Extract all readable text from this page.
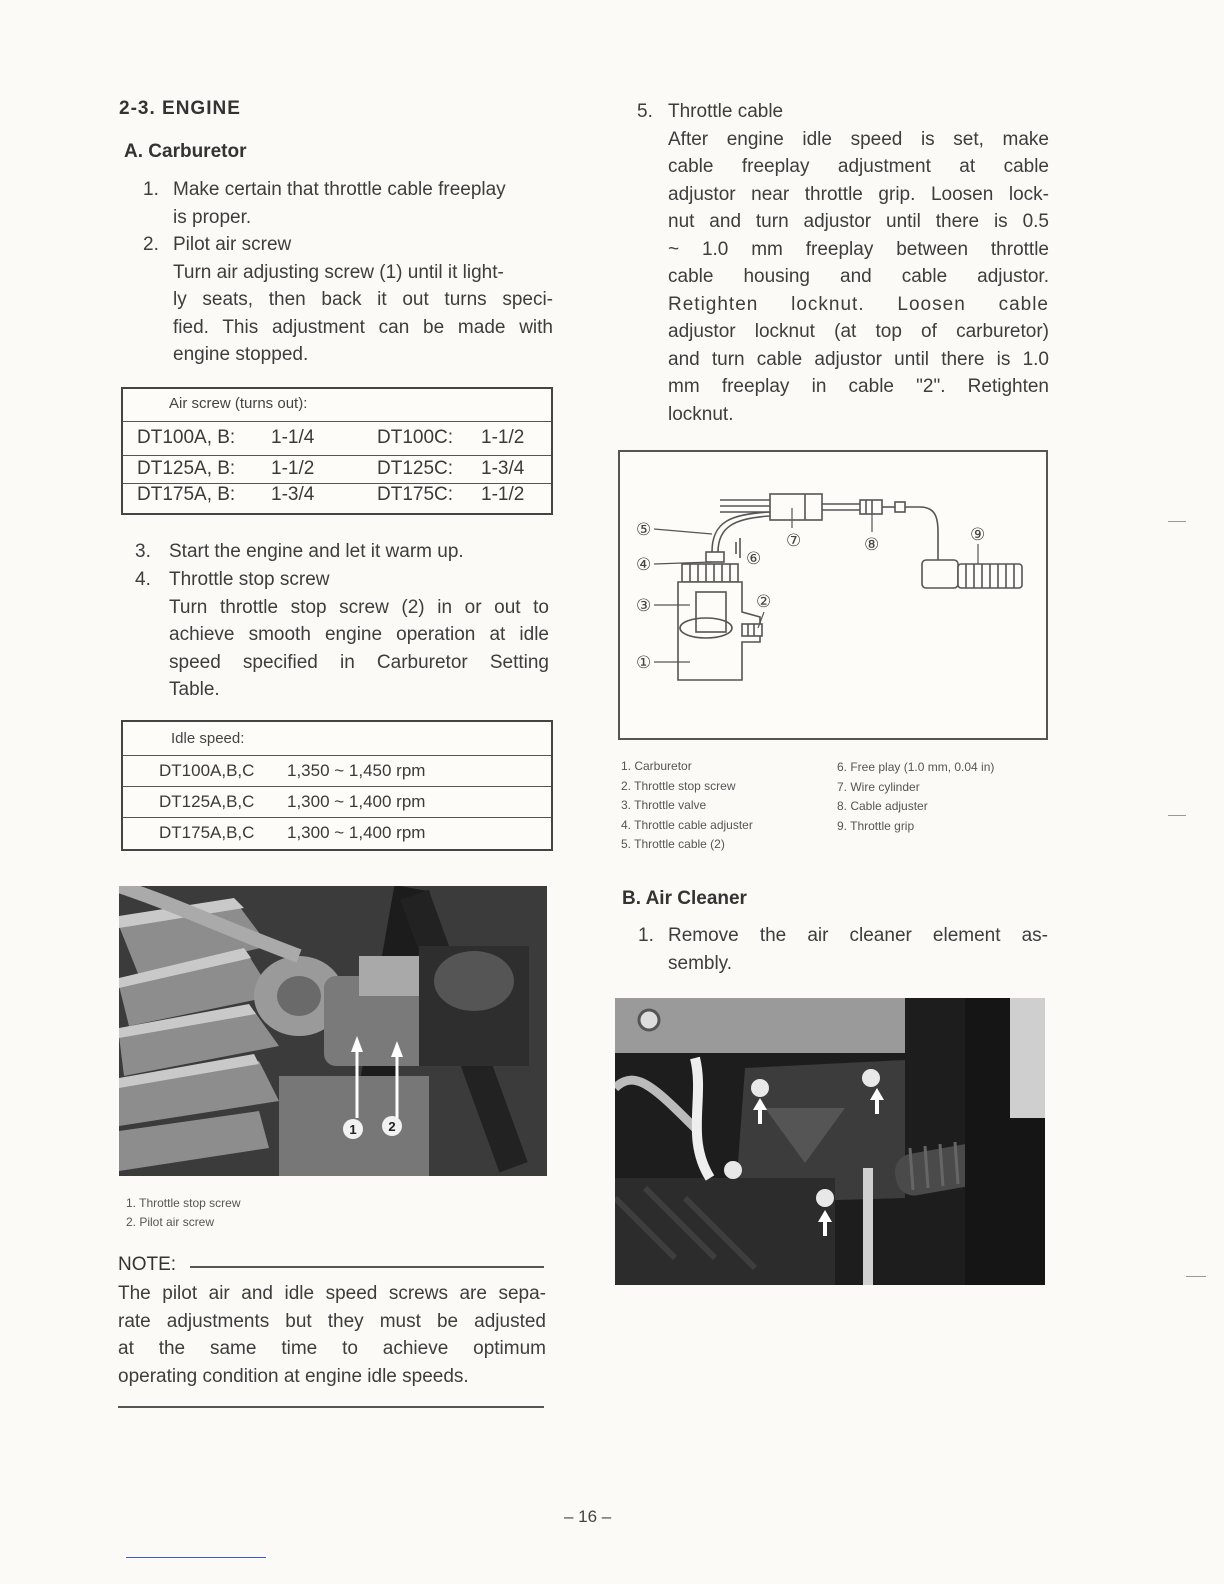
2-3. ENGINE
A. Carburetor
1. Make certain that throttle cable freeplay
is proper.
2. Pilot air screw
Turn air adjusting screw (1) until it light-
ly seats, then back it out turns speci-
fied. This adjustment can be made with
engine stopped.
Air screw (turns out):
DT100A, B: 1-1/4	DT100C: 1-1/2
DT125A, B: 1-1/2	DT125C: 1-3/4
DT175A, B: 1-3/4	DT175C: 1-1/2
3. Start the engine and let it warm up.
4. Throttle stop screw
Turn throttle stop screw (2) in or out to
achieve smooth engine operation at idle
speed specified in Carburetor Setting
Table.
Idle speed:
DT100A,B,C 1,350 ~ 1,450 rpm
DT125A,B,C 1,300 ~ 1,400 rpm
DT175A,B,C 1,300 ~ 1,400 rpm
1 2
1. Throttle stop screw
2. Pilot air screw
NOTE:
The pilot air and idle speed screws are sepa-
rate adjustments but they must be adjusted
at the same time to achieve optimum
operating condition at engine idle speeds.
5. Throttle cable
After engine idle speed is set, make
cable freeplay adjustment at cable
adjustor near throttle grip. Loosen lock-
nut and turn adjustor until there is 0.5
~ 1.0 mm freeplay between throttle
cable housing and cable adjustor.
Retighten locknut. Loosen cable
adjustor locknut (at top of carburetor)
and turn cable adjustor until there is 1.0
mm freeplay in cable "2". Retighten
locknut.
⑤
④	⑥
⑦	⑧	⑨
③	②
①
1. Carburetor
2. Throttle stop screw
3. Throttle valve
4. Throttle cable adjuster
5. Throttle cable (2)
6. Free play (1.0 mm, 0.04 in)
7. Wire cylinder
8. Cable adjuster
9. Throttle grip
B. Air Cleaner
1. Remove the air cleaner element as-
sembly.
– 16 –
